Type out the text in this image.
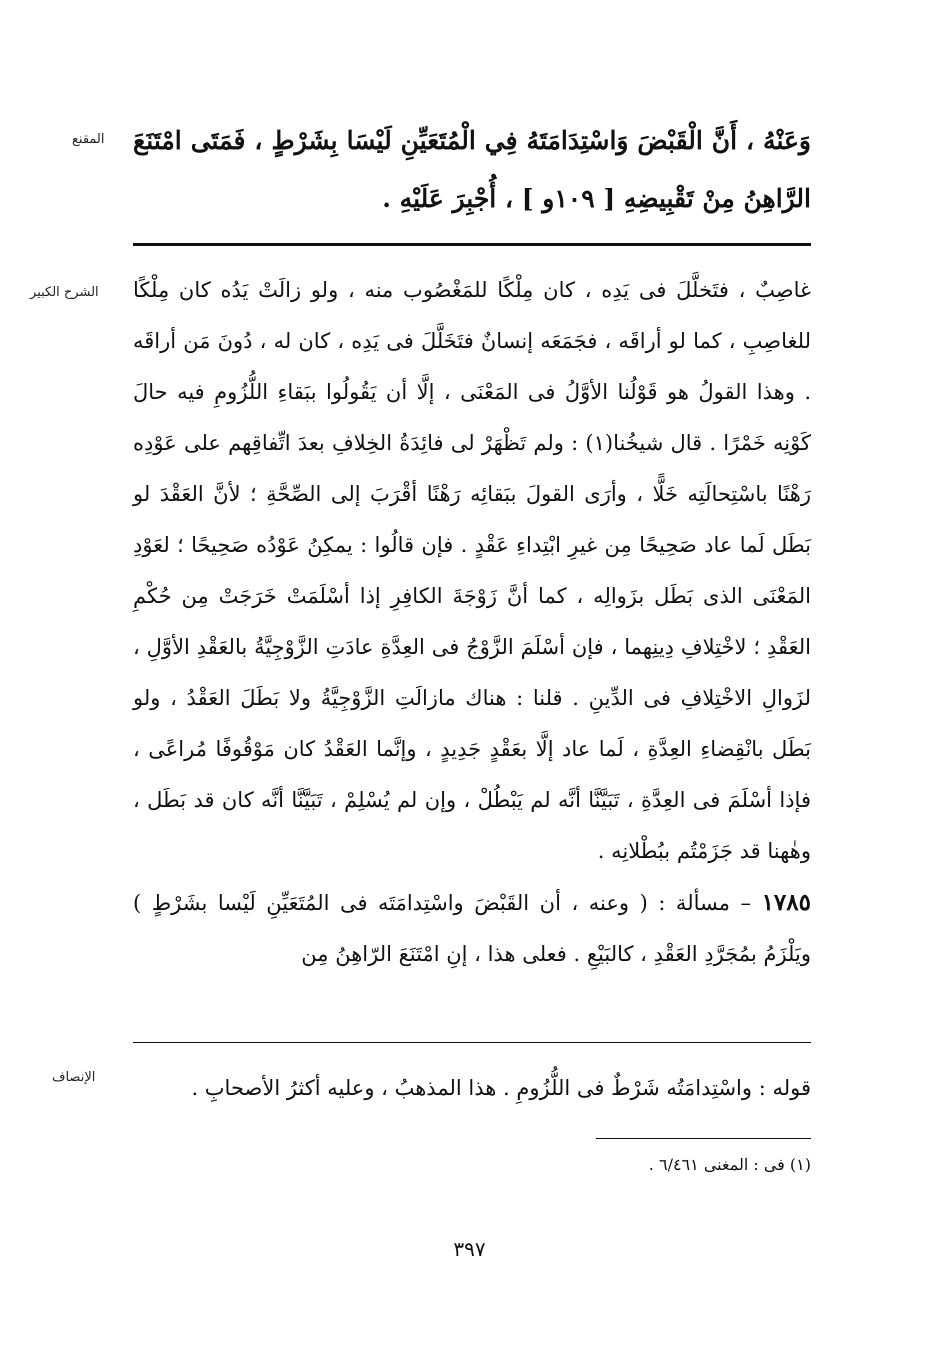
المقنع	وَعَنْهُ ، أَنَّ الْقَبْضَ وَاسْتِدَامَتَهُ فِي الْمُتَعَيِّنِ لَيْسَا بِشَرْطٍ ، فَمَتَى امْتَنَعَ الرَّاهِنُ مِنْ تَقْبِيضِهِ [ ١٠٩و ] ، أُجْبِرَ عَلَيْهِ .

الشرح الكبير	غاصِبٌ ، فتَخلَّلَ فى يَدِه ، كان مِلْكًا للمَغْصُوب منه ، ولو زالَتْ يَدُه كان مِلْكًا للغاصِبِ ، كما لو أراقَه ، فجَمَعَه إنسانٌ فتَخَلَّلَ فى يَدِه ، كان له ، دُونَ مَن أراقَه . وهذا القولُ هو قَوْلُنا الأوَّلُ فى المَعْنَى ، إلَّا أن يَقُولُوا ببَقاءِ اللُّزُومِ فيه حالَ كَوْنِه خَمْرًا . قال شيخُنا(١) : ولم تَظْهَرْ لى فائِدَةُ الخِلافِ بعدَ اتِّفاقِهم على عَوْدِه رَهْنًا باسْتِحالَتِه خَلًّا ، وأرَى القولَ ببَقائِه رَهْنًا أقْرَبَ إلى الصِّحَّةِ ؛ لأنَّ العَقْدَ لو بَطَل لَما عاد صَحِيحًا مِن غيرِ ابْتِداءِ عَقْدٍ . فإن قالُوا : يمكِنُ عَوْدُه صَحِيحًا ؛ لعَوْدِ المَعْنَى الذى بَطَل بزَوالِه ، كما أنَّ زَوْجَةَ الكافِرِ إذا أسْلَمَتْ خَرَجَتْ مِن حُكْمِ العَقْدِ ؛ لاخْتِلافِ دِينِهما ، فإن أسْلَمَ الزَّوْجُ فى العِدَّةِ عادَتِ الزَّوْجِيَّةُ بالعَقْدِ الأوَّلِ ، لزَوالِ الاخْتِلافِ فى الدِّينِ . قلنا : هناك مازالَتِ الزَّوْجِيَّةُ ولا بَطَلَ العَقْدُ ، ولو بَطَل بانْقِضاءِ العِدَّةِ ، لَما عاد إلَّا بعَقْدٍ جَدِيدٍ ، وإنَّما العَقْدُ كان مَوْقُوفًا مُراعًى ، فإذا أسْلَمَ فى العِدَّةِ ، تَبَيَّنَّا أنَّه لم يَبْطُلْ ، وإن لم يُسْلِمْ ، تَبَيَّنَّا أنَّه كان قد بَطَل ، وهٰهنا قد جَزَمْتُم ببُطْلانِه .

١٧٨٥ – مسألة : ( وعنه ، أن القَبْضَ واسْتِدامَتَه فى المُتَعَيِّنِ لَيْسا بشَرْطٍ ) ويَلْزَمُ بمُجَرَّدِ العَقْدِ ، كالبَيْعِ . فعلى هذا ، إنِ امْتَنَعَ الرّاهِنُ مِن

الإنصاف	قوله : واسْتِدامَتُه شَرْطٌ فى اللُّزُومِ . هذا المذهبُ ، وعليه أكثرُ الأصحابِ .

(١) فى : المغنى ٦/٤٦١ .
٣٩٧
